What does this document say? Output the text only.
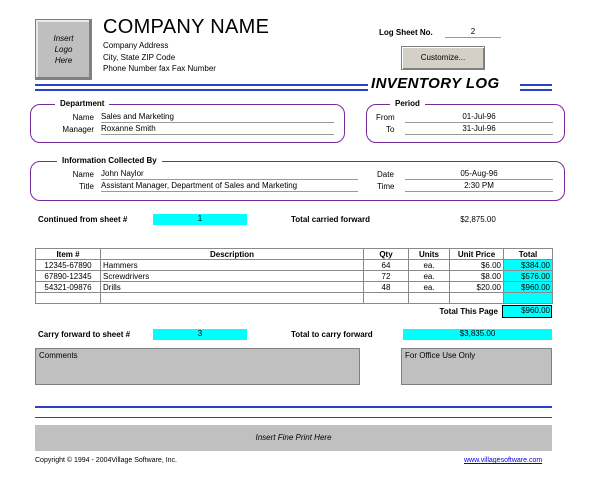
Insert
Logo
Here
COMPANY NAME
Company Address
City, State ZIP Code
Phone Number fax Fax Number
Log Sheet No.	2
Customize...
INVENTORY LOG
Department
Name Sales and Marketing
Manager Roxanne Smith
Period
From	01-Jul-96
To	31-Jul-96
Information Collected By
Name John Naylor
Title Assistant Manager, Department of Sales and Marketing
Date	05-Aug-96
Time	2:30 PM
Continued from sheet #	1	Total carried forward	$2,875.00
Item #	Description	Qty	Units	Unit Price	Total
12345-67890	Hammers	64	ea.	$6.00	$384.00
67890-12345	Screwdrivers	72	ea.	$8.00	$576.00
54321-09876	Drills	48	ea.	$20.00	$960.00

Total This Page	$960.00
Carry forward to sheet #	3	Total to carry forward	$3,835.00
Comments	For Office Use Only
Insert Fine Print Here
Copyright © 1994 - 2004Village Software, Inc.	www.villagesoftware.com
